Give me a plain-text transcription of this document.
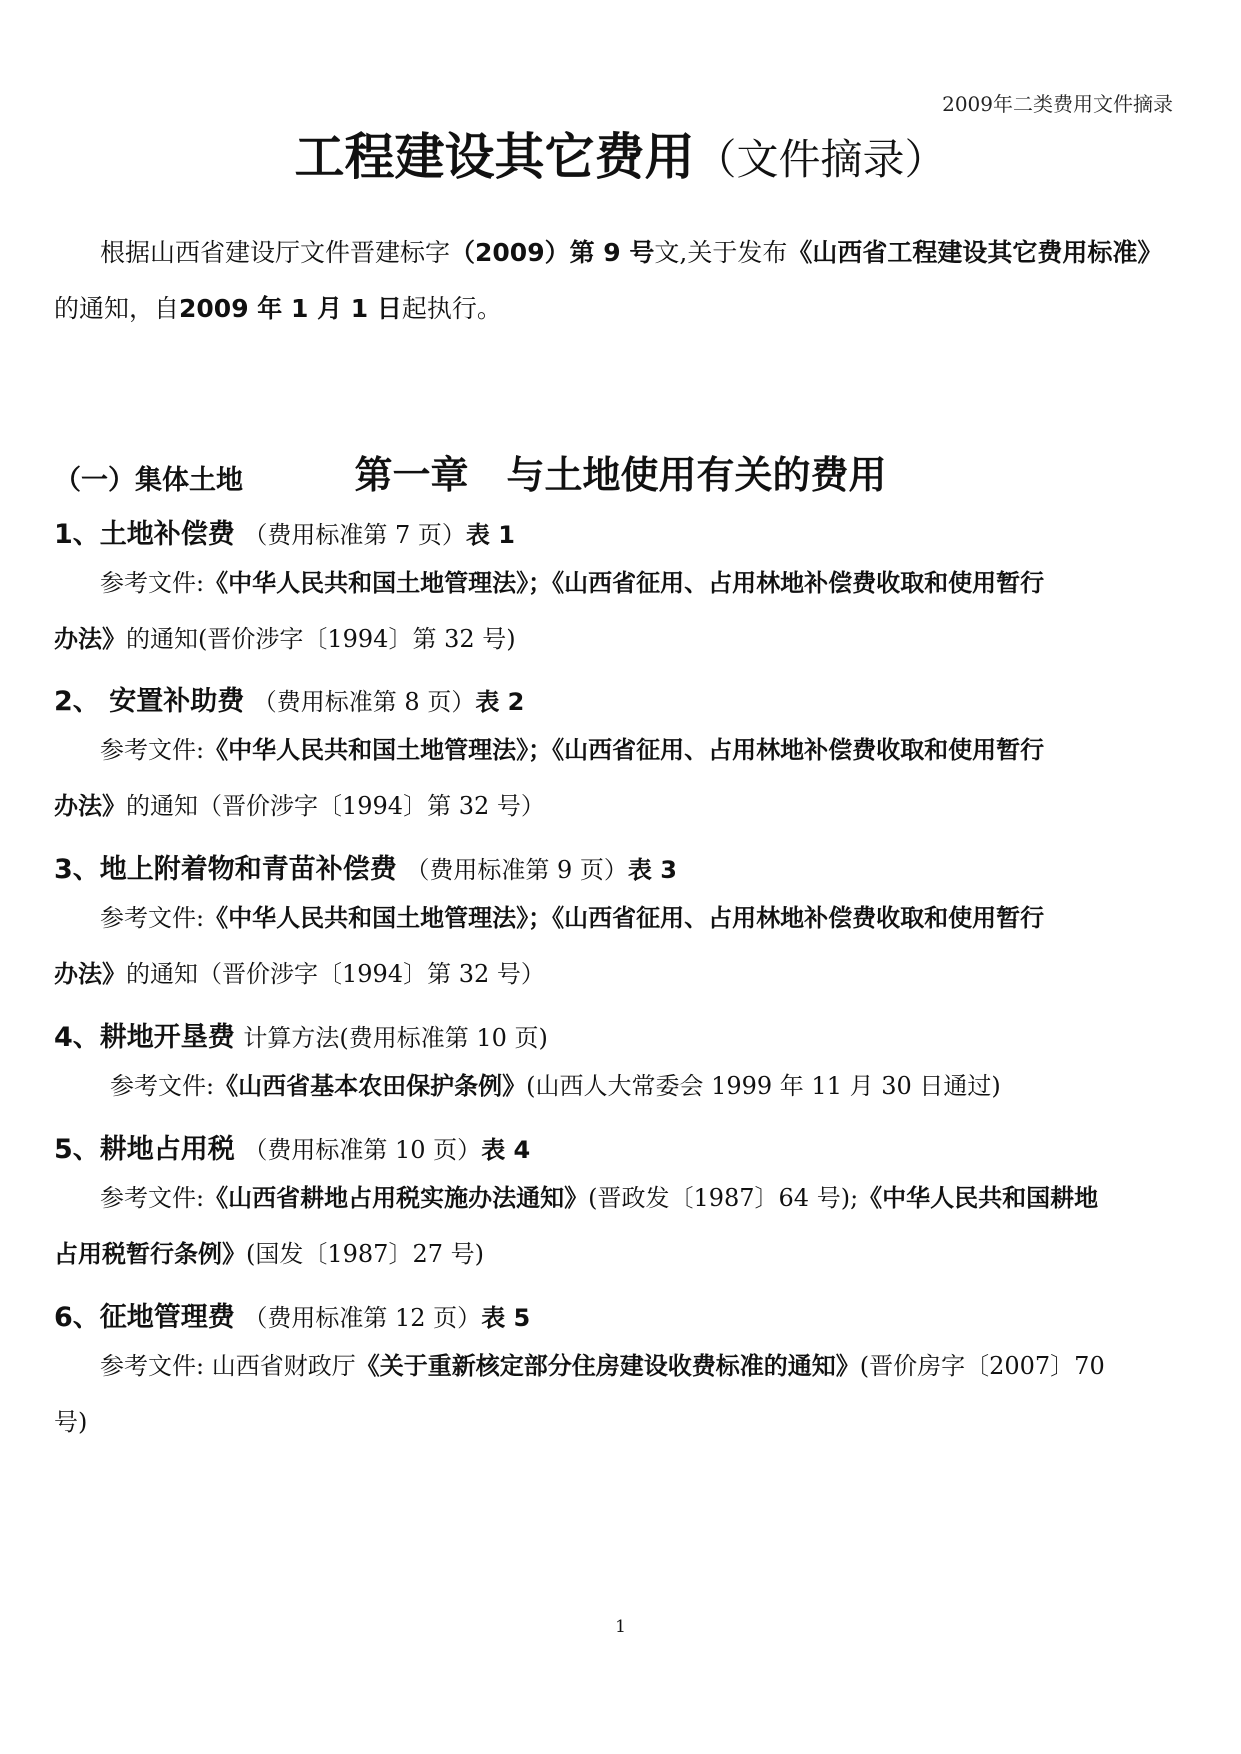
2009年二类费用文件摘录
工程建设其它费用（文件摘录）
根据山西省建设厅文件晋建标字（2009）第 9 号文,关于发布《山西省工程建设其它费用标准》
的通知，自2009 年 1 月 1 日起执行。
第一章　与土地使用有关的费用
（一）集体土地
1、土地补偿费 （费用标准第 7 页）表 1
参考文件:《中华人民共和国土地管理法》；《山西省征用、占用林地补偿费收取和使用暂行
办法》的通知(晋价涉字〔1994〕第 32 号)
2、 安置补助费 （费用标准第 8 页）表 2
参考文件:《中华人民共和国土地管理法》；《山西省征用、占用林地补偿费收取和使用暂行
办法》的通知（晋价涉字〔1994〕第 32 号）
3、地上附着物和青苗补偿费 （费用标准第 9 页）表 3
参考文件:《中华人民共和国土地管理法》；《山西省征用、占用林地补偿费收取和使用暂行
办法》的通知（晋价涉字〔1994〕第 32 号）
4、耕地开垦费 计算方法(费用标准第 10 页)
参考文件:《山西省基本农田保护条例》(山西人大常委会 1999 年 11 月 30 日通过)
5、耕地占用税 （费用标准第 10 页）表 4
参考文件:《山西省耕地占用税实施办法通知》(晋政发〔1987〕64 号);《中华人民共和国耕地
占用税暂行条例》(国发〔1987〕27 号)
6、征地管理费 （费用标准第 12 页）表 5
参考文件: 山西省财政厅《关于重新核定部分住房建设收费标准的通知》(晋价房字〔2007〕70
号)
1
